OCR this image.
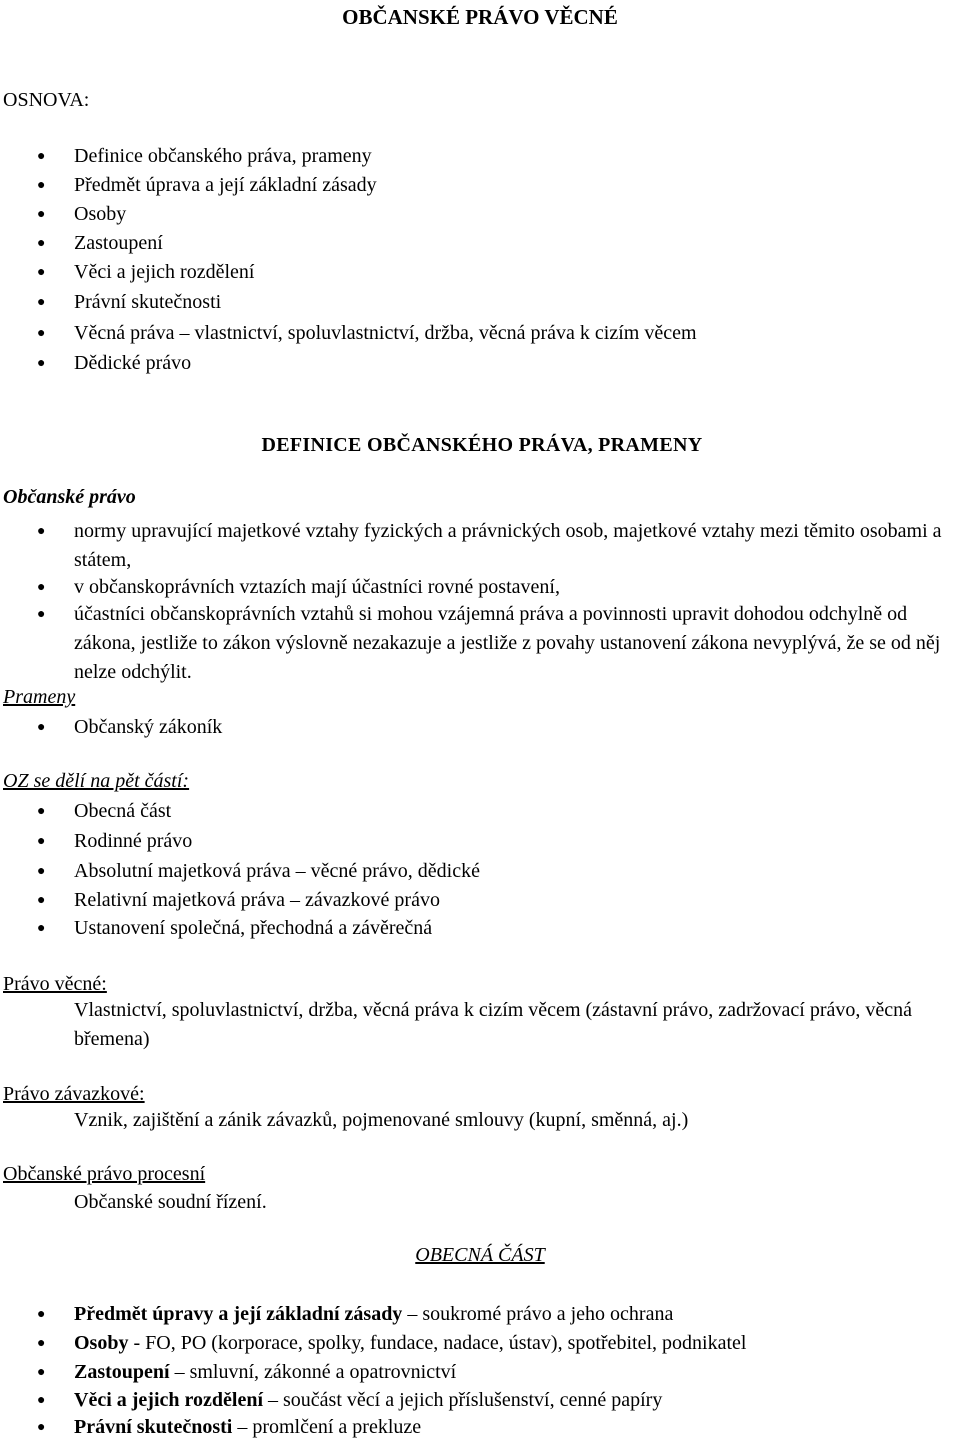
OBČANSKÉ PRÁVO VĚCNÉ
OSNOVA:
● Definice občanského práva, prameny
● Předmět úprava a její základní zásady
● Osoby
● Zastoupení
● Věci a jejich rozdělení
● Právní skutečnosti
● Věcná práva – vlastnictví, spoluvlastnictví, držba, věcná práva k cizím věcem
● Dědické právo
DEFINICE OBČANSKÉHO PRÁVA, PRAMENY
Občanské právo
● normy upravující majetkové vztahy fyzických a právnických osob, majetkové vztahy mezi těmito osobami a státem,
● v občanskoprávních vztazích mají účastníci rovné postavení,
● účastníci občanskoprávních vztahů si mohou vzájemná práva a povinnosti upravit dohodou odchylně od zákona, jestliže to zákon výslovně nezakazuje a jestliže z povahy ustanovení zákona nevyplývá, že se od něj nelze odchýlit.
Prameny
● Občanský zákoník
OZ se dělí na pět částí:
● Obecná část
● Rodinné právo
● Absolutní majetková práva – věcné právo, dědické
● Relativní majetková práva – závazkové právo
● Ustanovení společná, přechodná a závěrečná
Právo věcné:
Vlastnictví, spoluvlastnictví, držba, věcná práva k cizím věcem (zástavní právo, zadržovací právo, věcná břemena)
Právo závazkové:
Vznik, zajištění a zánik závazků, pojmenované smlouvy (kupní, směnná, aj.)
Občanské právo procesní
Občanské soudní řízení.
OBECNÁ ČÁST
● Předmět úpravy a její základní zásady – soukromé právo a jeho ochrana
● Osoby - FO, PO (korporace, spolky, fundace, nadace, ústav), spotřebitel, podnikatel
● Zastoupení – smluvní, zákonné a opatrovnictví
● Věci a jejich rozdělení – součást věcí a jejich příslušenství, cenné papíry
● Právní skutečnosti – promlčení a prekluze
